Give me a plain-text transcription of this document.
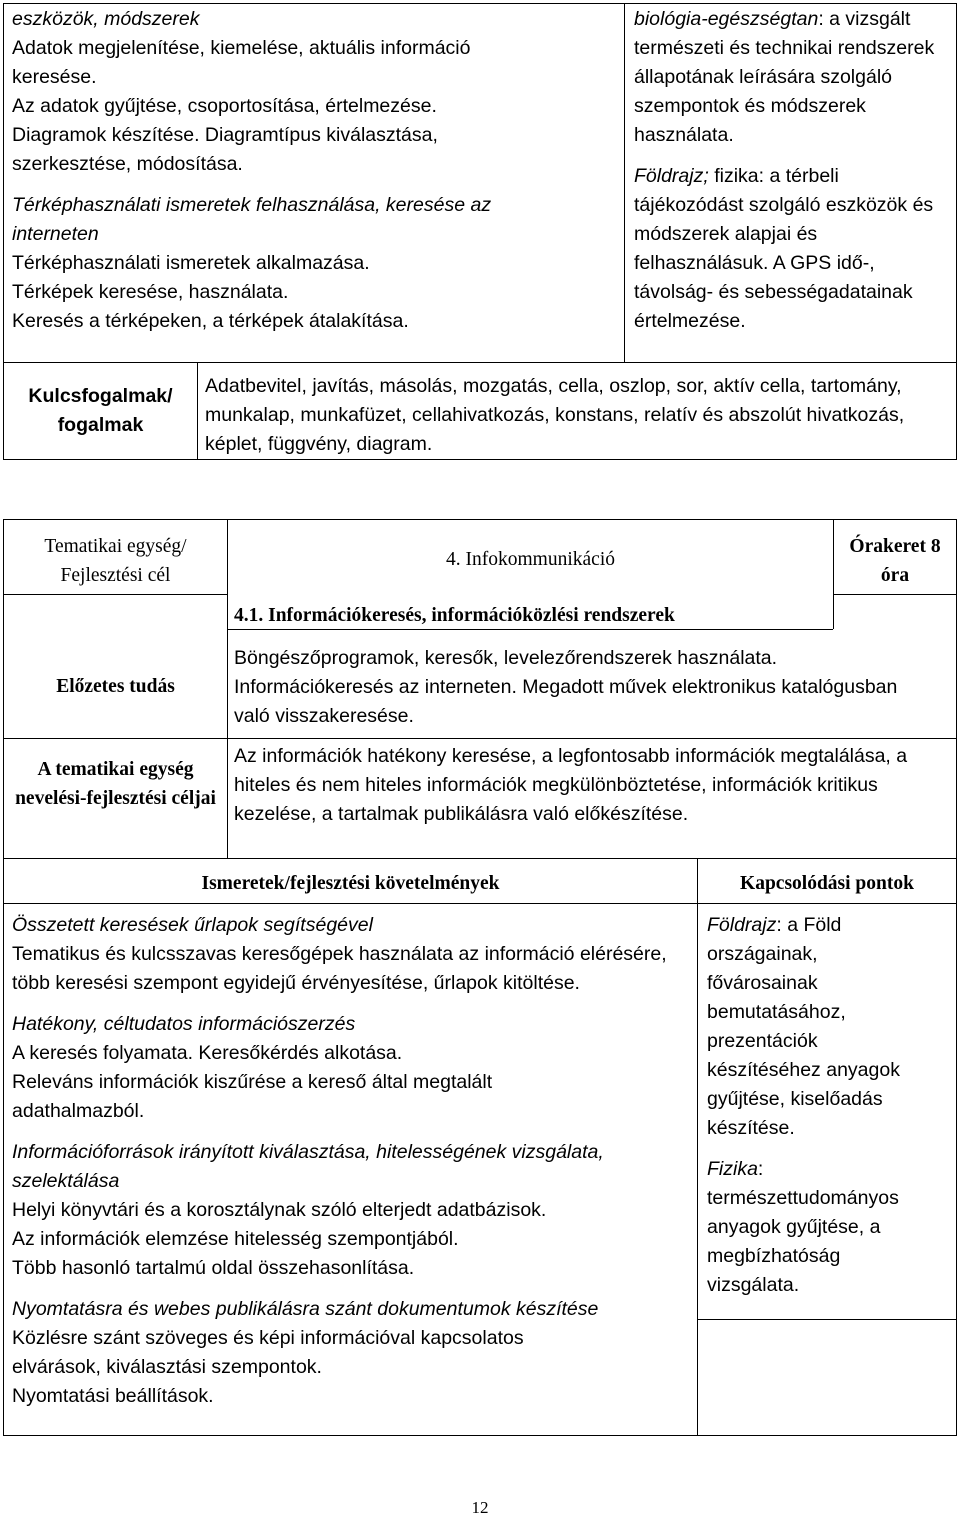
eszközök, módszerek

Adatok megjelenítése, kiemelése, aktuális információ keresése.

Az adatok gyűjtése, csoportosítása, értelmezése.

Diagramok készítése. Diagramtípus kiválasztása, szerkesztése, módosítása.

Térképhasználati ismeretek felhasználása, keresése az interneten

Térképhasználati ismeretek alkalmazása.

Térképek keresése, használata.

Keresés a térképeken, a térképek átalakítása.

biológia-egészségtan: a vizsgált természeti és technikai rendszerek állapotának leírására szolgáló szempontok és módszerek használata.

Földrajz; fizika: a térbeli tájékozódást szolgáló eszközök és módszerek alapjai és felhasználásuk. A GPS idő-, távolság- és sebességadatainak értelmezése.

Kulcsfogalmak/ fogalmak
Adatbevitel, javítás, másolás, mozgatás, cella, oszlop, sor, aktív cella, tartomány, munkalap, munkafüzet, cellahivatkozás, konstans, relatív és abszolút hivatkozás, képlet, függvény, diagram.
Tematikai egység/ Fejlesztési cél
4. Infokommunikáció
4.1. Információkeresés, információközlési rendszerek
Órakeret 8 óra
Előzetes tudás
Böngészőprogramok, keresők, levelezőrendszerek használata. Információkeresés az interneten. Megadott művek elektronikus katalógusban való visszakeresése.
A tematikai egység nevelési-fejlesztési céljai
Az információk hatékony keresése, a legfontosabb információk megtalálása, a hiteles és nem hiteles információk megkülönböztetése, információk kritikus kezelése, a tartalmak publikálásra való előkészítése.
Ismeretek/fejlesztési követelmények	Kapcsolódási pontok

Összetett keresések űrlapok segítségével

Tematikus és kulcsszavas keresőgépek használata az információ elérésére, több keresési szempont egyidejű érvényesítése, űrlapok kitöltése.

Hatékony, céltudatos információszerzés

A keresés folyamata. Keresőkérdés alkotása.

Releváns információk kiszűrése a kereső által megtalált adathalmazból.

Információforrások irányított kiválasztása, hitelességének vizsgálata, szelektálása

Helyi könyvtári és a korosztálynak szóló elterjedt adatbázisok.

Az információk elemzése hitelesség szempontjából.

Több hasonló tartalmú oldal összehasonlítása.

Nyomtatásra és webes publikálásra szánt dokumentumok készítése

Közlésre szánt szöveges és képi információval kapcsolatos elvárások, kiválasztási szempontok.

Nyomtatási beállítások.

Földrajz: a Föld országainak, fővárosainak bemutatásához, prezentációk készítéséhez anyagok gyűjtése, kiselőadás készítése.

Fizika: természettudományos anyagok gyűjtése, a megbízhatóság vizsgálata.

12
